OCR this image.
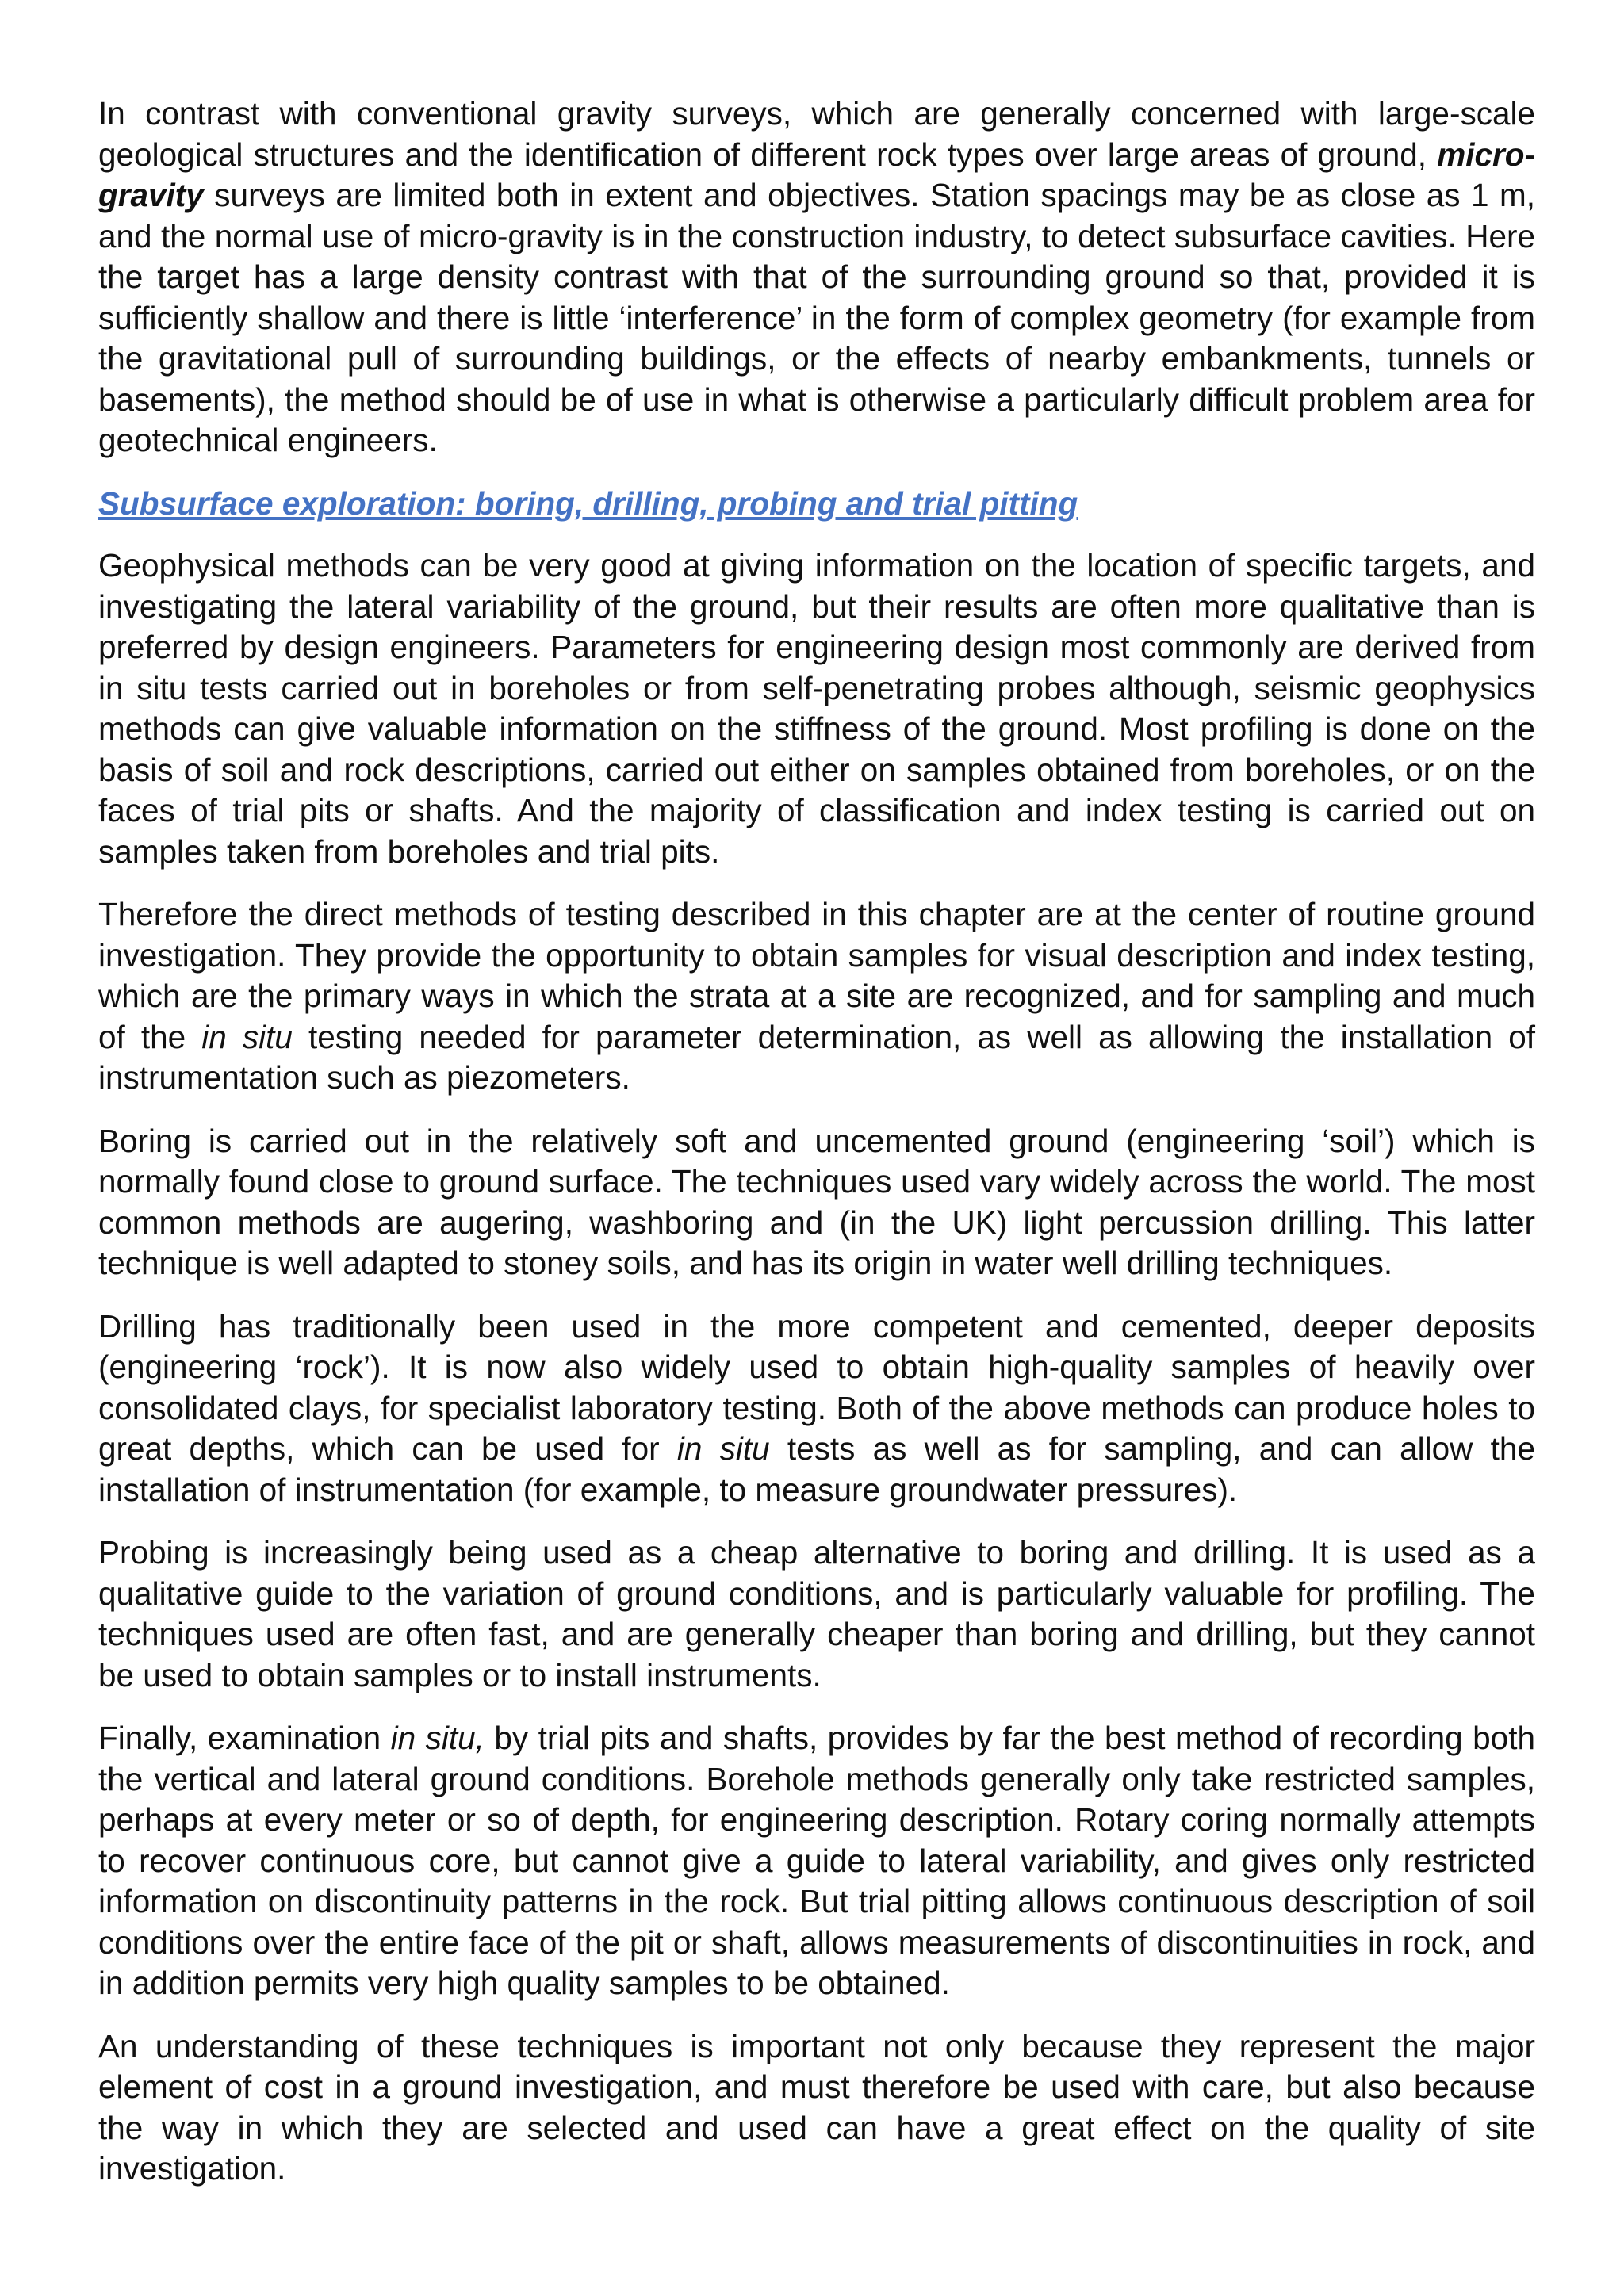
In contrast with conventional gravity surveys, which are generally concerned with large-scale geological structures and the identification of different rock types over large areas of ground, micro-gravity surveys are limited both in extent and objectives. Station spacings may be as close as 1 m, and the normal use of micro-gravity is in the construction industry, to detect subsurface cavities. Here the target has a large density contrast with that of the surrounding ground so that, provided it is sufficiently shallow and there is little ‘interference’ in the form of complex geometry (for example from the gravitational pull of surrounding buildings, or the effects of nearby embankments, tunnels or basements), the method should be of use in what is otherwise a particularly difficult problem area for geotechnical engineers.

Subsurface exploration: boring, drilling, probing and trial pitting

Geophysical methods can be very good at giving information on the location of specific targets, and investigating the lateral variability of the ground, but their results are often more qualitative than is preferred by design engineers. Parameters for engineering design most commonly are derived from in situ tests carried out in boreholes or from self-penetrating probes although, seismic geophysics methods can give valuable information on the stiffness of the ground. Most profiling is done on the basis of soil and rock descriptions, carried out either on samples obtained from boreholes, or on the faces of trial pits or shafts. And the majority of classification and index testing is carried out on samples taken from boreholes and trial pits.

Therefore the direct methods of testing described in this chapter are at the center of routine ground investigation. They provide the opportunity to obtain samples for visual description and index testing, which are the primary ways in which the strata at a site are recognized, and for sampling and much of the in situ testing needed for parameter determination, as well as allowing the installation of instrumentation such as piezometers.

Boring is carried out in the relatively soft and uncemented ground (engineering ‘soil’) which is normally found close to ground surface. The techniques used vary widely across the world. The most common methods are augering, washboring and (in the UK) light percussion drilling. This latter technique is well adapted to stoney soils, and has its origin in water well drilling techniques.

Drilling has traditionally been used in the more competent and cemented, deeper deposits (engineering ‘rock’). It is now also widely used to obtain high-quality samples of heavily over consolidated clays, for specialist laboratory testing. Both of the above methods can produce holes to great depths, which can be used for in situ tests as well as for sampling, and can allow the installation of instrumentation (for example, to measure groundwater pressures).

Probing is increasingly being used as a cheap alternative to boring and drilling. It is used as a qualitative guide to the variation of ground conditions, and is particularly valuable for profiling. The techniques used are often fast, and are generally cheaper than boring and drilling, but they cannot be used to obtain samples or to install instruments.

Finally, examination in situ, by trial pits and shafts, provides by far the best method of recording both the vertical and lateral ground conditions. Borehole methods generally only take restricted samples, perhaps at every meter or so of depth, for engineering description. Rotary coring normally attempts to recover continuous core, but cannot give a guide to lateral variability, and gives only restricted information on discontinuity patterns in the rock. But trial pitting allows continuous description of soil conditions over the entire face of the pit or shaft, allows measurements of discontinuities in rock, and in addition permits very high quality samples to be obtained.

An understanding of these techniques is important not only because they represent the major element of cost in a ground investigation, and must therefore be used with care, but also because the way in which they are selected and used can have a great effect on the quality of site investigation.
